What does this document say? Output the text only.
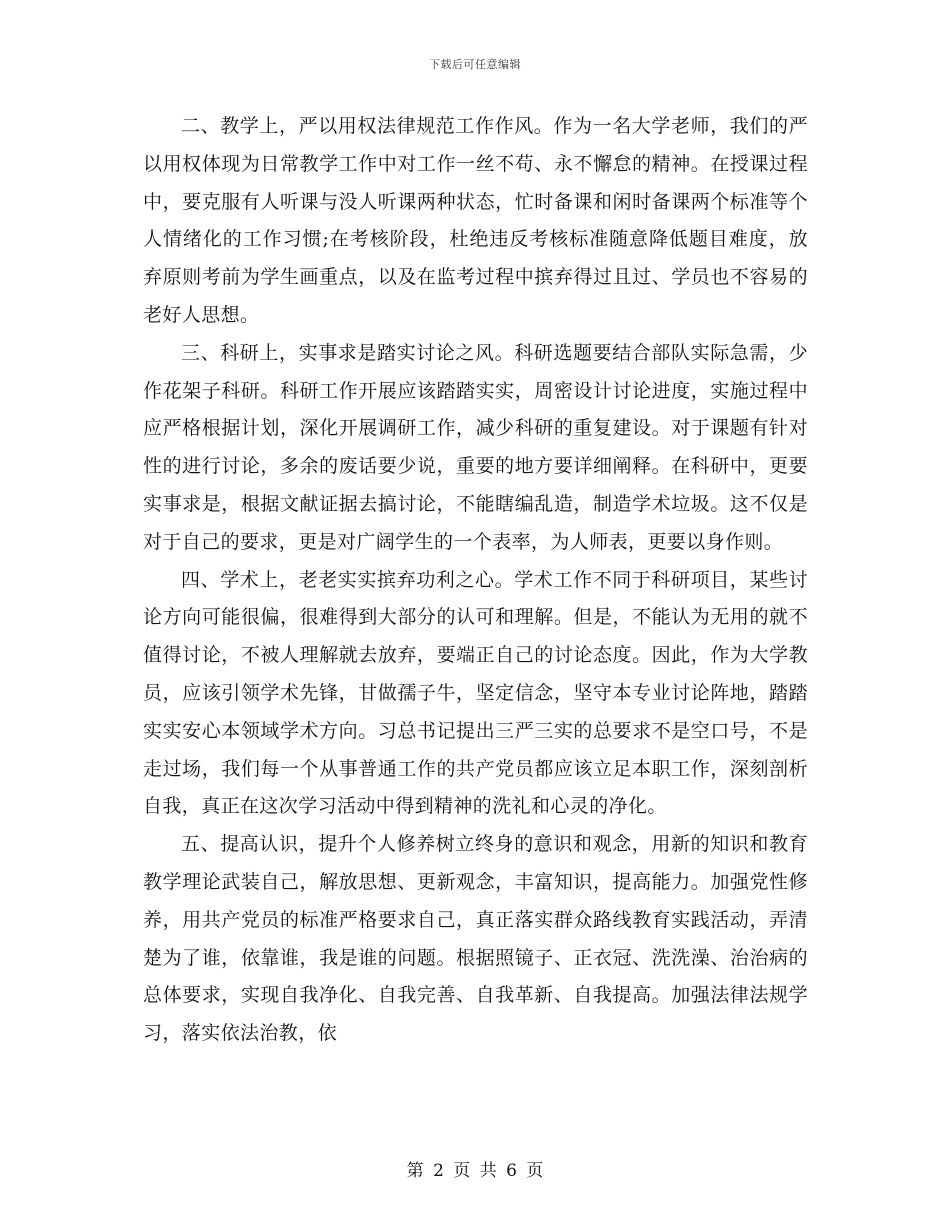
下载后可任意编辑

二、教学上，严以用权法律规范工作作风。作为一名大学老师，我们的严以用权体现为日常教学工作中对工作一丝不苟、永不懈怠的精神。在授课过程中，要克服有人听课与没人听课两种状态，忙时备课和闲时备课两个标准等个人情绪化的工作习惯;在考核阶段，杜绝违反考核标准随意降低题目难度，放弃原则考前为学生画重点，以及在监考过程中摈弃得过且过、学员也不容易的老好人思想。

三、科研上，实事求是踏实讨论之风。科研选题要结合部队实际急需，少作花架子科研。科研工作开展应该踏踏实实，周密设计讨论进度，实施过程中应严格根据计划，深化开展调研工作，减少科研的重复建设。对于课题有针对性的进行讨论，多余的废话要少说，重要的地方要详细阐释。在科研中，更要实事求是，根据文献证据去搞讨论，不能瞎编乱造，制造学术垃圾。这不仅是对于自己的要求，更是对广阔学生的一个表率，为人师表，更要以身作则。

四、学术上，老老实实摈弃功利之心。学术工作不同于科研项目，某些讨论方向可能很偏，很难得到大部分的认可和理解。但是，不能认为无用的就不值得讨论，不被人理解就去放弃，要端正自己的讨论态度。因此，作为大学教员，应该引领学术先锋，甘做孺子牛，坚定信念，坚守本专业讨论阵地，踏踏实实安心本领域学术方向。习总书记提出三严三实的总要求不是空口号，不是走过场，我们每一个从事普通工作的共产党员都应该立足本职工作，深刻剖析自我，真正在这次学习活动中得到精神的洗礼和心灵的净化。

五、提高认识，提升个人修养树立终身的意识和观念，用新的知识和教育教学理论武装自己，解放思想、更新观念，丰富知识，提高能力。加强党性修养，用共产党员的标准严格要求自己，真正落实群众路线教育实践活动，弄清楚为了谁，依靠谁，我是谁的问题。根据照镜子、正衣冠、洗洗澡、治治病的总体要求，实现自我净化、自我完善、自我革新、自我提高。加强法律法规学习，落实依法治教，依

第 2 页 共 6 页
